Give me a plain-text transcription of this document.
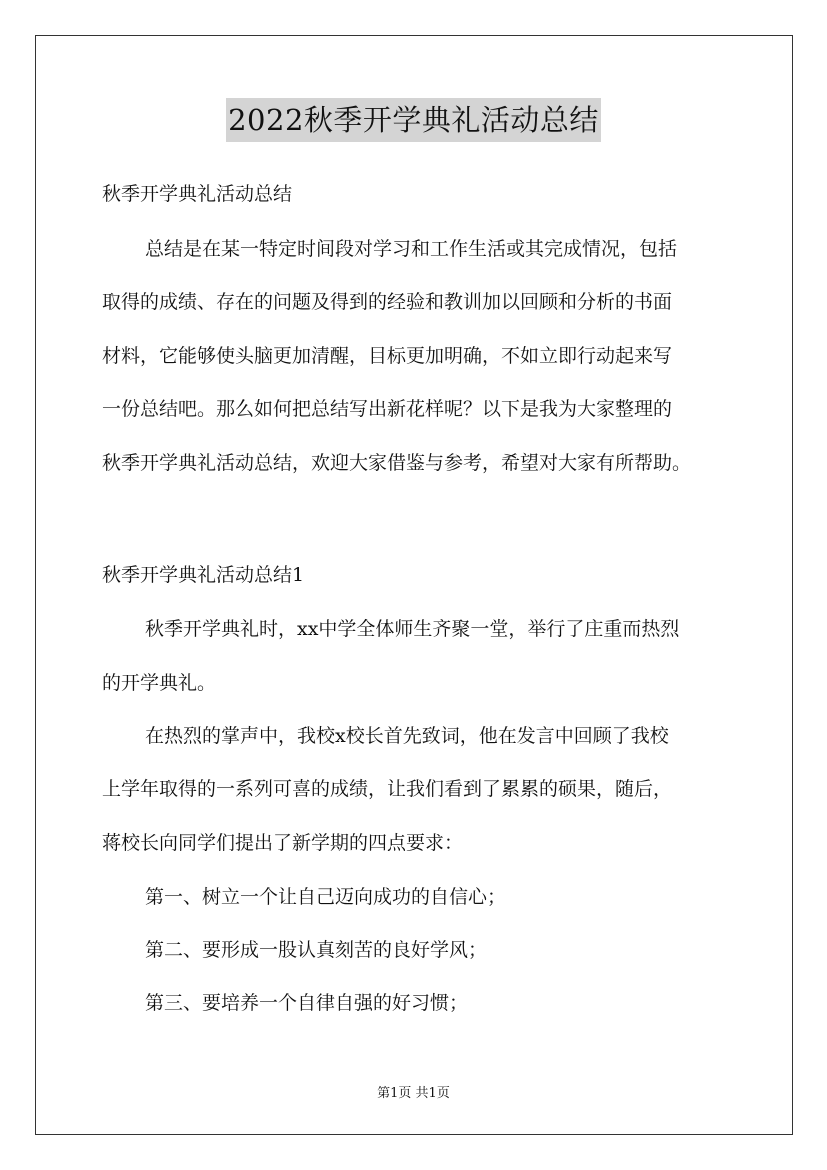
2022秋季开学典礼活动总结
秋季开学典礼活动总结
总结是在某一特定时间段对学习和工作生活或其完成情况，包括
取得的成绩、存在的问题及得到的经验和教训加以回顾和分析的书面
材料，它能够使头脑更加清醒，目标更加明确，不如立即行动起来写
一份总结吧。那么如何把总结写出新花样呢？以下是我为大家整理的
秋季开学典礼活动总结，欢迎大家借鉴与参考，希望对大家有所帮助。
秋季开学典礼活动总结1
秋季开学典礼时，xx中学全体师生齐聚一堂，举行了庄重而热烈
的开学典礼。
在热烈的掌声中，我校x校长首先致词，他在发言中回顾了我校
上学年取得的一系列可喜的成绩，让我们看到了累累的硕果，随后，
蒋校长向同学们提出了新学期的四点要求：
第一、树立一个让自己迈向成功的自信心；
第二、要形成一股认真刻苦的良好学风；
第三、要培养一个自律自强的好习惯；
第1页 共1页
